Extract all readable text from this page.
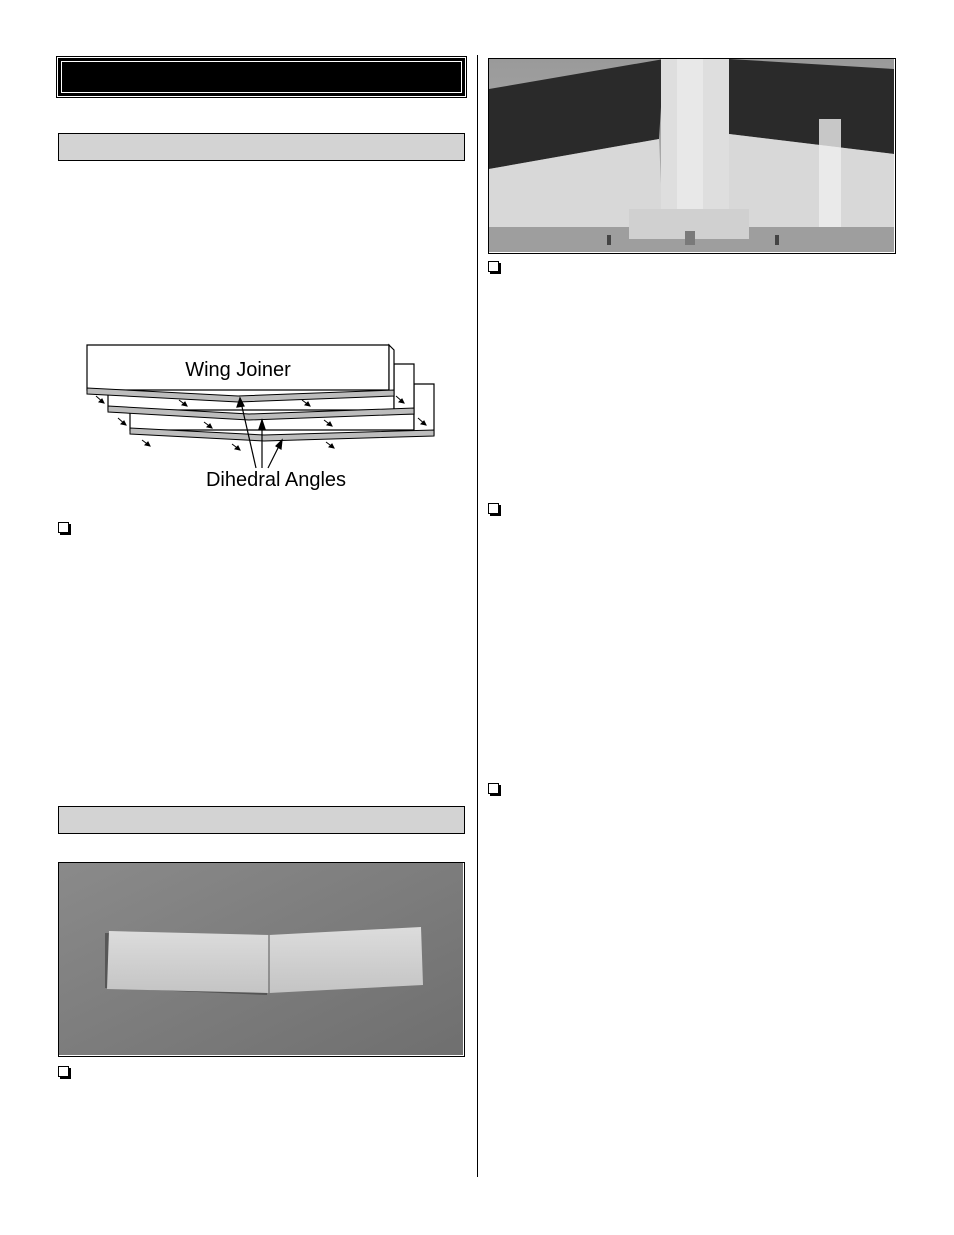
Wing Joiner
Dihedral Angles
